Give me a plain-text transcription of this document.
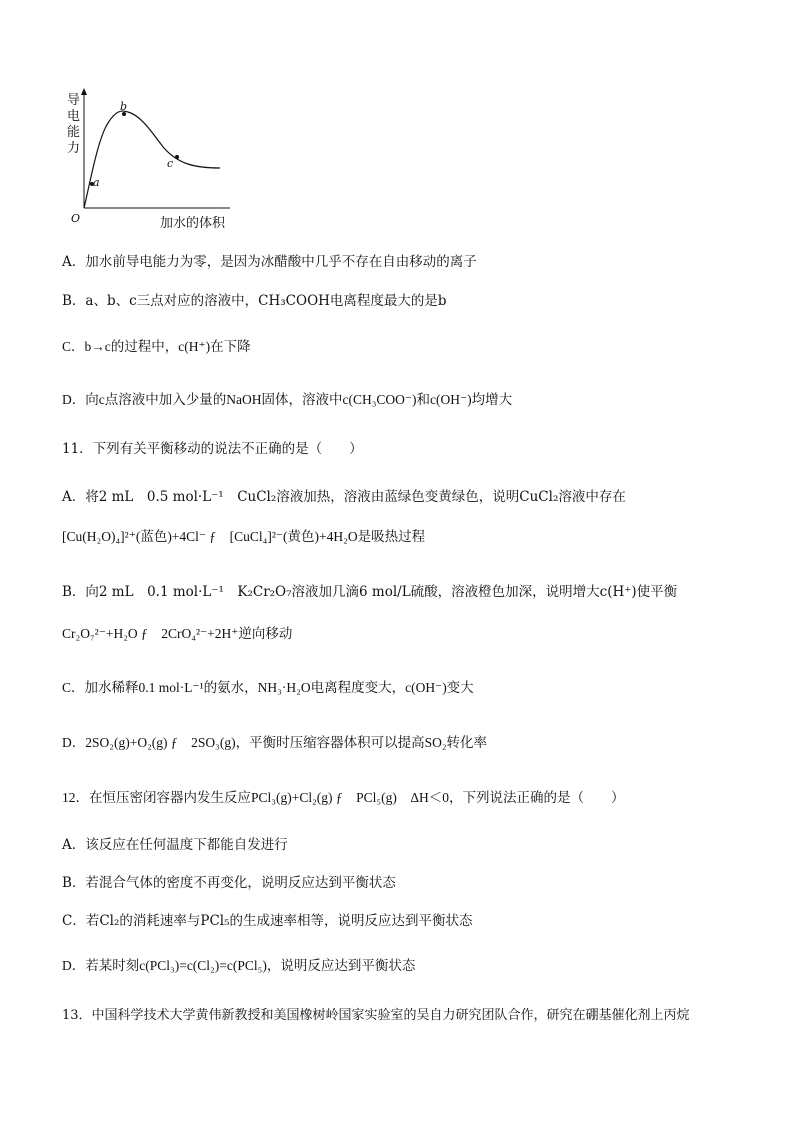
导
电
能
力
O
a
b
c
加水的体积
A．加水前导电能力为零，是因为冰醋酸中几乎不存在自由移动的离子
B．a、b、c三点对应的溶液中，CH₃COOH电离程度最大的是b
C．b→c的过程中，c(H⁺)在下降
D．向c点溶液中加入少量的NaOH固体，溶液中c(CH₃COO⁻)和c(OH⁻)均增大
11．下列有关平衡移动的说法不正确的是（　　）
A．将2 mL　0.5 mol·L⁻¹　CuCl₂溶液加热，溶液由蓝绿色变黄绿色，说明CuCl₂溶液中存在
[Cu(H₂O)₄]²⁺(蓝色)+4Cl⁻ ƒ　[CuCl₄]²⁻(黄色)+4H₂O是吸热过程
B．向2 mL　0.1 mol·L⁻¹　K₂Cr₂O₇溶液加几滴6 mol/L硫酸，溶液橙色加深，说明增大c(H⁺)使平衡
Cr₂O₇²⁻+H₂O ƒ　2CrO₄²⁻+2H⁺逆向移动
C．加水稀释0.1 mol·L⁻¹的氨水，NH₃·H₂O电离程度变大，c(OH⁻)变大
D．2SO₂(g)+O₂(g) ƒ　2SO₃(g)，平衡时压缩容器体积可以提高SO₂转化率
12．在恒压密闭容器内发生反应PCl₃(g)+Cl₂(g) ƒ　PCl₅(g)　ΔH＜0，下列说法正确的是（　　）
A．该反应在任何温度下都能自发进行
B．若混合气体的密度不再变化，说明反应达到平衡状态
C．若Cl₂的消耗速率与PCl₅的生成速率相等，说明反应达到平衡状态
D．若某时刻c(PCl₃)=c(Cl₂)=c(PCl₅)，说明反应达到平衡状态
13．中国科学技术大学黄伟新教授和美国橡树岭国家实验室的吴自力研究团队合作，研究在硼基催化剂上丙烷
